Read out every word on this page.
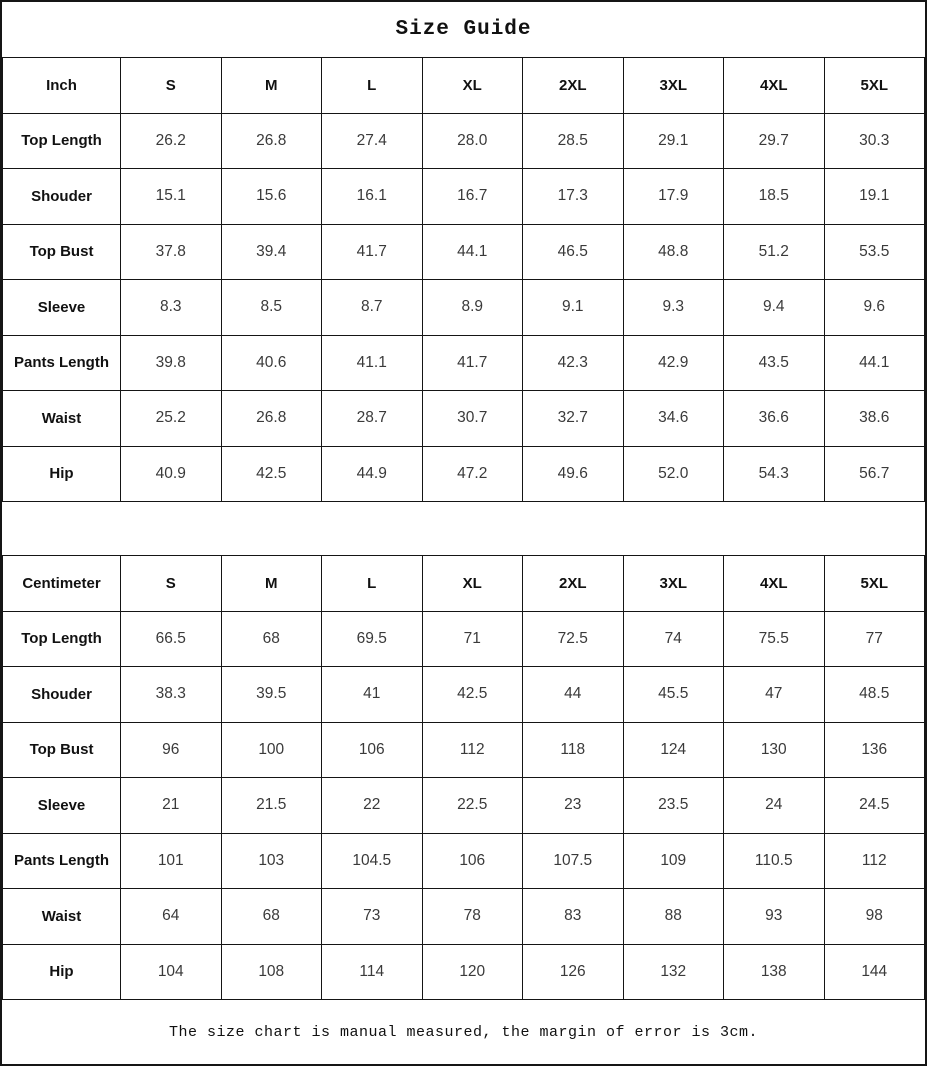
Size Guide
Inch	S	M	L	XL	2XL	3XL	4XL	5XL
Top Length	26.2	26.8	27.4	28.0	28.5	29.1	29.7	30.3
Shouder	15.1	15.6	16.1	16.7	17.3	17.9	18.5	19.1
Top Bust	37.8	39.4	41.7	44.1	46.5	48.8	51.2	53.5
Sleeve	8.3	8.5	8.7	8.9	9.1	9.3	9.4	9.6
Pants Length	39.8	40.6	41.1	41.7	42.3	42.9	43.5	44.1
Waist	25.2	26.8	28.7	30.7	32.7	34.6	36.6	38.6
Hip	40.9	42.5	44.9	47.2	49.6	52.0	54.3	56.7
Centimeter	S	M	L	XL	2XL	3XL	4XL	5XL
Top Length	66.5	68	69.5	71	72.5	74	75.5	77
Shouder	38.3	39.5	41	42.5	44	45.5	47	48.5
Top Bust	96	100	106	112	118	124	130	136
Sleeve	21	21.5	22	22.5	23	23.5	24	24.5
Pants Length	101	103	104.5	106	107.5	109	110.5	112
Waist	64	68	73	78	83	88	93	98
Hip	104	108	114	120	126	132	138	144
The size chart is manual measured, the margin of error is 3cm.
